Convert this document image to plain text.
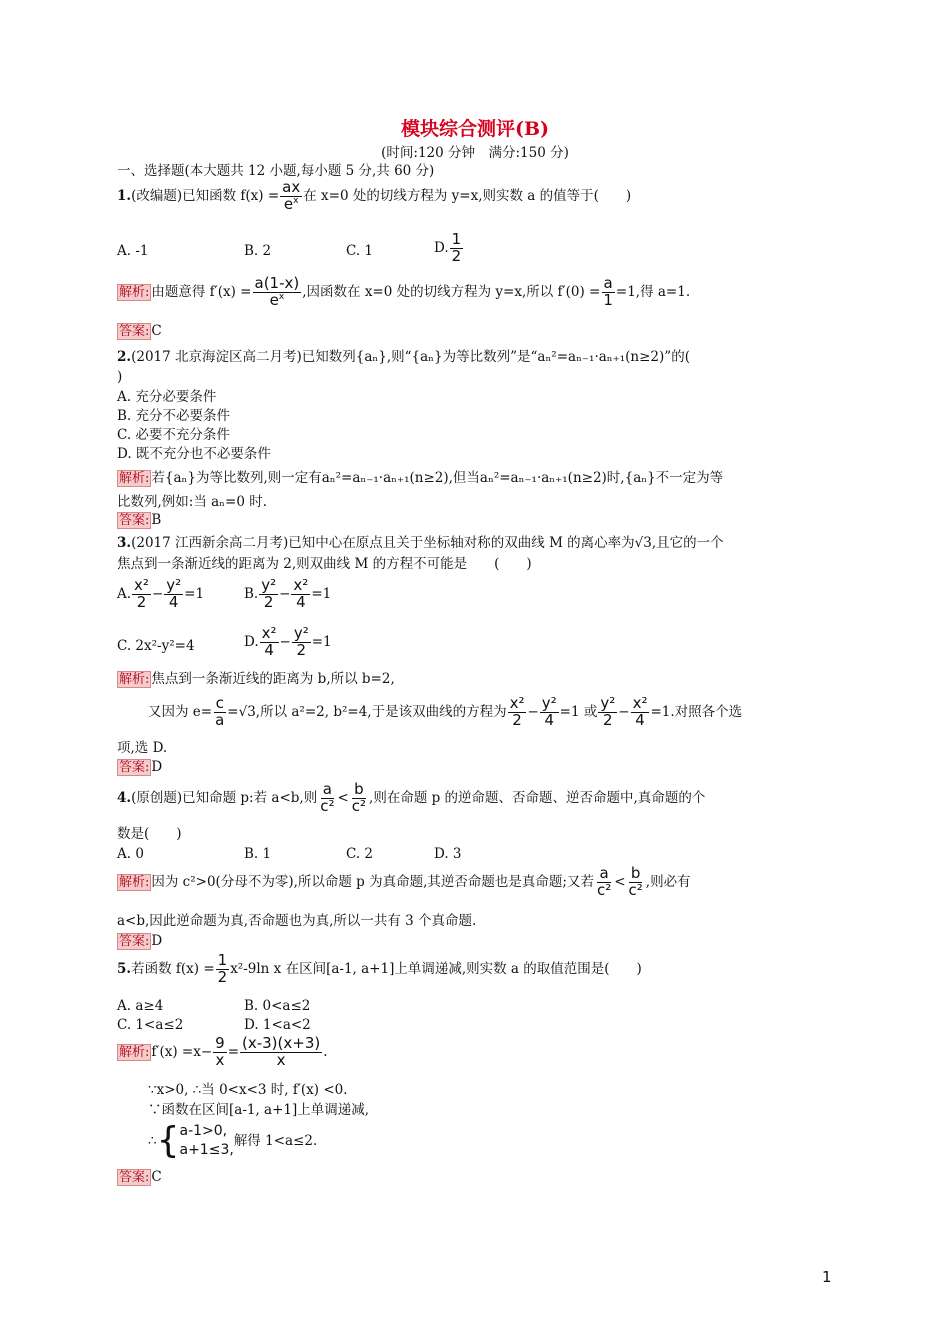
模块综合测评(B)
(时间:120 分钟　满分:150 分)
一、选择题(本大题共 12 小题,每小题 5 分,共 60 分)
1.(改编题)已知函数 $f(x) = \frac{ax}{e^x}$ 在 x=0 处的切线方程为 y=x,则实数 a 的值等于(　　)
A. -1	B. 2	C. 1	D. $\frac{1}{2}$
解析: 由题意得 $f'(x) = \frac{a(1-x)}{e^x}$ ,因函数在 x=0 处的切线方程为 y=x,所以 $f'(0) = \frac{a}{1} =1$,得 a=1.
答案: C
2.(2017 北京海淀区高二月考)已知数列{aₙ},则“{aₙ}为等比数列”是“aₙ²=aₙ₋₁·aₙ₊₁(n≥2)”的(
)
A. 充分必要条件
B. 充分不必要条件
C. 必要不充分条件
D. 既不充分也不必要条件
解析: 若{aₙ}为等比数列,则一定有aₙ²=aₙ₋₁·aₙ₊₁(n≥2),但当aₙ²=aₙ₋₁·aₙ₊₁(n≥2)时,{aₙ}不一定为等
比数列,例如:当 aₙ=0 时.
答案: B
3.(2017 江西新余高二月考)已知中心在原点且关于坐标轴对称的双曲线 M 的离心率为√3,且它的一个
焦点到一条渐近线的距离为 2,则双曲线 M 的方程不可能是　　(　　)
A. $\frac{\text{x²}}{2} - \frac{\text{y²}}{4} =1$	B. $\frac{\text{y²}}{2} - \frac{\text{x²}}{4} =1$
C. 2x²-y²=4	D. $\frac{\text{x²}}{4} - \frac{\text{y²}}{2} =1$
解析: 焦点到一条渐近线的距离为 b,所以 b=2,
又因为 $e= \frac{c}{a} =√3$,所以 a²=2, b²=4,于是该双曲线的方程为 $\frac{\text{x²}}{2} - \frac{\text{y²}}{4} =1$ 或 $\frac{\text{y²}}{2} - \frac{\text{x²}}{4} =1$.对照各个选
项,选 D.
答案: D
4.(原创题)已知命题 p:若 a<b,则 $\frac{a}{\text{c²}} < \frac{b}{\text{c²}}$ ,则在命题 p 的逆命题、否命题、逆否命题中,真命题的个
数是(　　)
A. 0	B. 1	C. 2	D. 3
解析: 因为 c²>0(分母不为零),所以命题 p 为真命题,其逆否命题也是真命题;又若 $\frac{a}{\text{c²}} < \frac{b}{\text{c²}}$ ,则必有
a<b,因此逆命题为真,否命题也为真,所以一共有 3 个真命题.
答案: D
5.若函数 $f(x) = \frac{1}{2} x^2-9\ln$ x 在区间[a-1, a+1]上单调递减,则实数 a 的取值范围是(　　)
A. a≥4	B. 0<a≤2
C. 1<a≤2	D. 1<a<2
解析: $f'(x) =x- \frac{9}{x} = \frac{(x-3)(x+3)}{x}$ .
∵x>0, ∴当 0<x<3 时, f′(x) <0.
∵函数在区间[a-1, a+1]上单调递减,
∴ { a-1>0,
a+1≤3,
解得 1<a≤2.
答案: C
1
